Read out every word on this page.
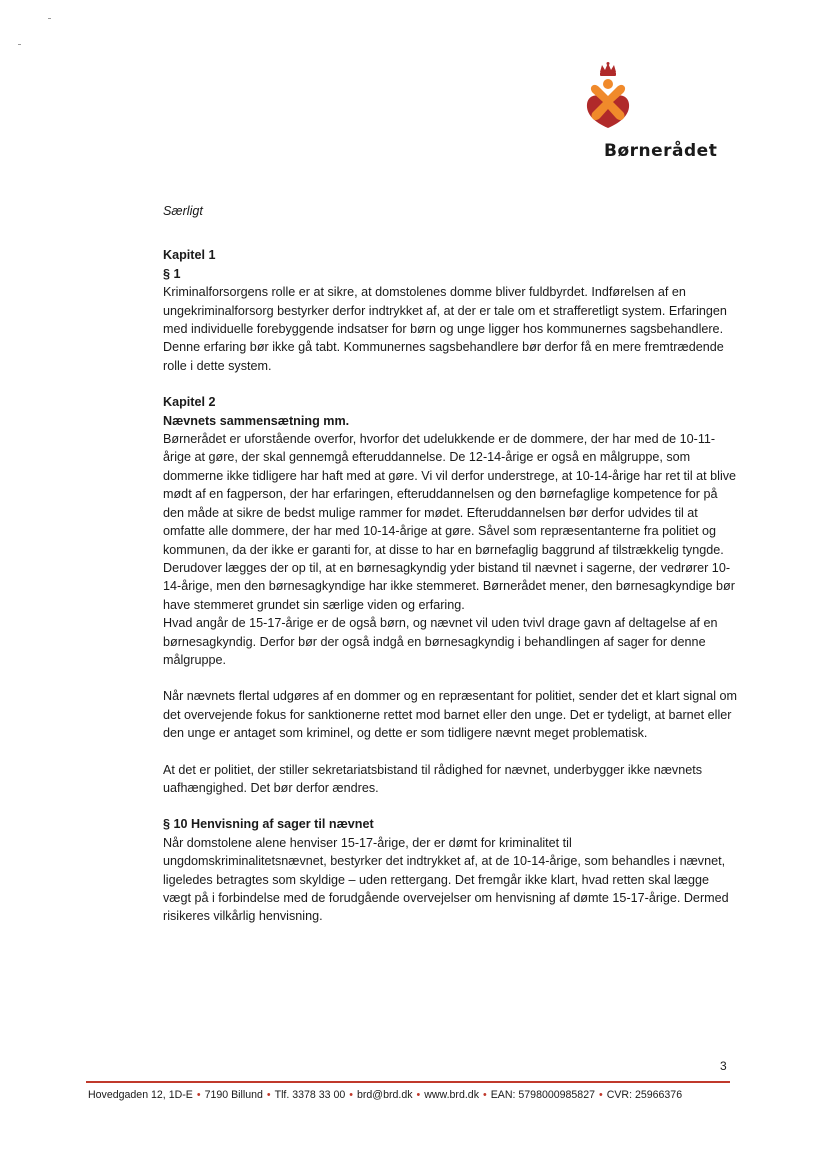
Børnerådet

Særligt

Kapitel 1

§ 1

Kriminalforsorgens rolle er at sikre, at domstolenes domme bliver fuldbyrdet. Indførelsen af en ungekriminalforsorg bestyrker derfor indtrykket af, at der er tale om et strafferetligt system. Erfaringen med individuelle forebyggende indsatser for børn og unge ligger hos kommunernes sagsbehandlere. Denne erfaring bør ikke gå tabt. Kommunernes sagsbehandlere bør derfor få en mere fremtrædende rolle i dette system.

Kapitel 2

Nævnets sammensætning mm.

Børnerådet er uforstående overfor, hvorfor det udelukkende er de dommere, der har med de 10-11-årige at gøre, der skal gennemgå efteruddannelse. De 12-14-årige er også en målgruppe, som dommerne ikke tidligere har haft med at gøre. Vi vil derfor understrege, at 10-14-årige har ret til at blive mødt af en fagperson, der har erfaringen, efteruddannelsen og den børnefaglige kompetence for på den måde at sikre de bedst mulige rammer for mødet. Efteruddannelsen bør derfor udvides til at omfatte alle dommere, der har med 10-14-årige at gøre. Såvel som repræsentanterne fra politiet og kommunen, da der ikke er garanti for, at disse to har en børnefaglig baggrund af tilstrækkelig tyngde.

Derudover lægges der op til, at en børnesagkyndig yder bistand til nævnet i sagerne, der vedrører 10-14-årige, men den børnesagkyndige har ikke stemmeret. Børnerådet mener, den børnesagkyndige bør have stemmeret grundet sin særlige viden og erfaring.

Hvad angår de 15-17-årige er de også børn, og nævnet vil uden tvivl drage gavn af deltagelse af en børnesagkyndig. Derfor bør der også indgå en børnesagkyndig i behandlingen af sager for denne målgruppe.

Når nævnets flertal udgøres af en dommer og en repræsentant for politiet, sender det et klart signal om det overvejende fokus for sanktionerne rettet mod barnet eller den unge. Det er tydeligt, at barnet eller den unge er antaget som kriminel, og dette er som tidligere nævnt meget problematisk.

At det er politiet, der stiller sekretariatsbistand til rådighed for nævnet, underbygger ikke nævnets uafhængighed. Det bør derfor ændres.

§ 10 Henvisning af sager til nævnet

Når domstolene alene henviser 15-17-årige, der er dømt for kriminalitet til ungdomskriminalitetsnævnet, bestyrker det indtrykket af, at de 10-14-årige, som behandles i nævnet, ligeledes betragtes som skyldige – uden rettergang. Det fremgår ikke klart, hvad retten skal lægge vægt på i forbindelse med de forudgående overvejelser om henvisning af dømte 15-17-årige. Dermed risikeres vilkårlig henvisning.

3
Hovedgaden 12, 1D-E • 7190 Billund • Tlf. 3378 33 00 • brd@brd.dk • www.brd.dk • EAN: 5798000985827 • CVR: 25966376
